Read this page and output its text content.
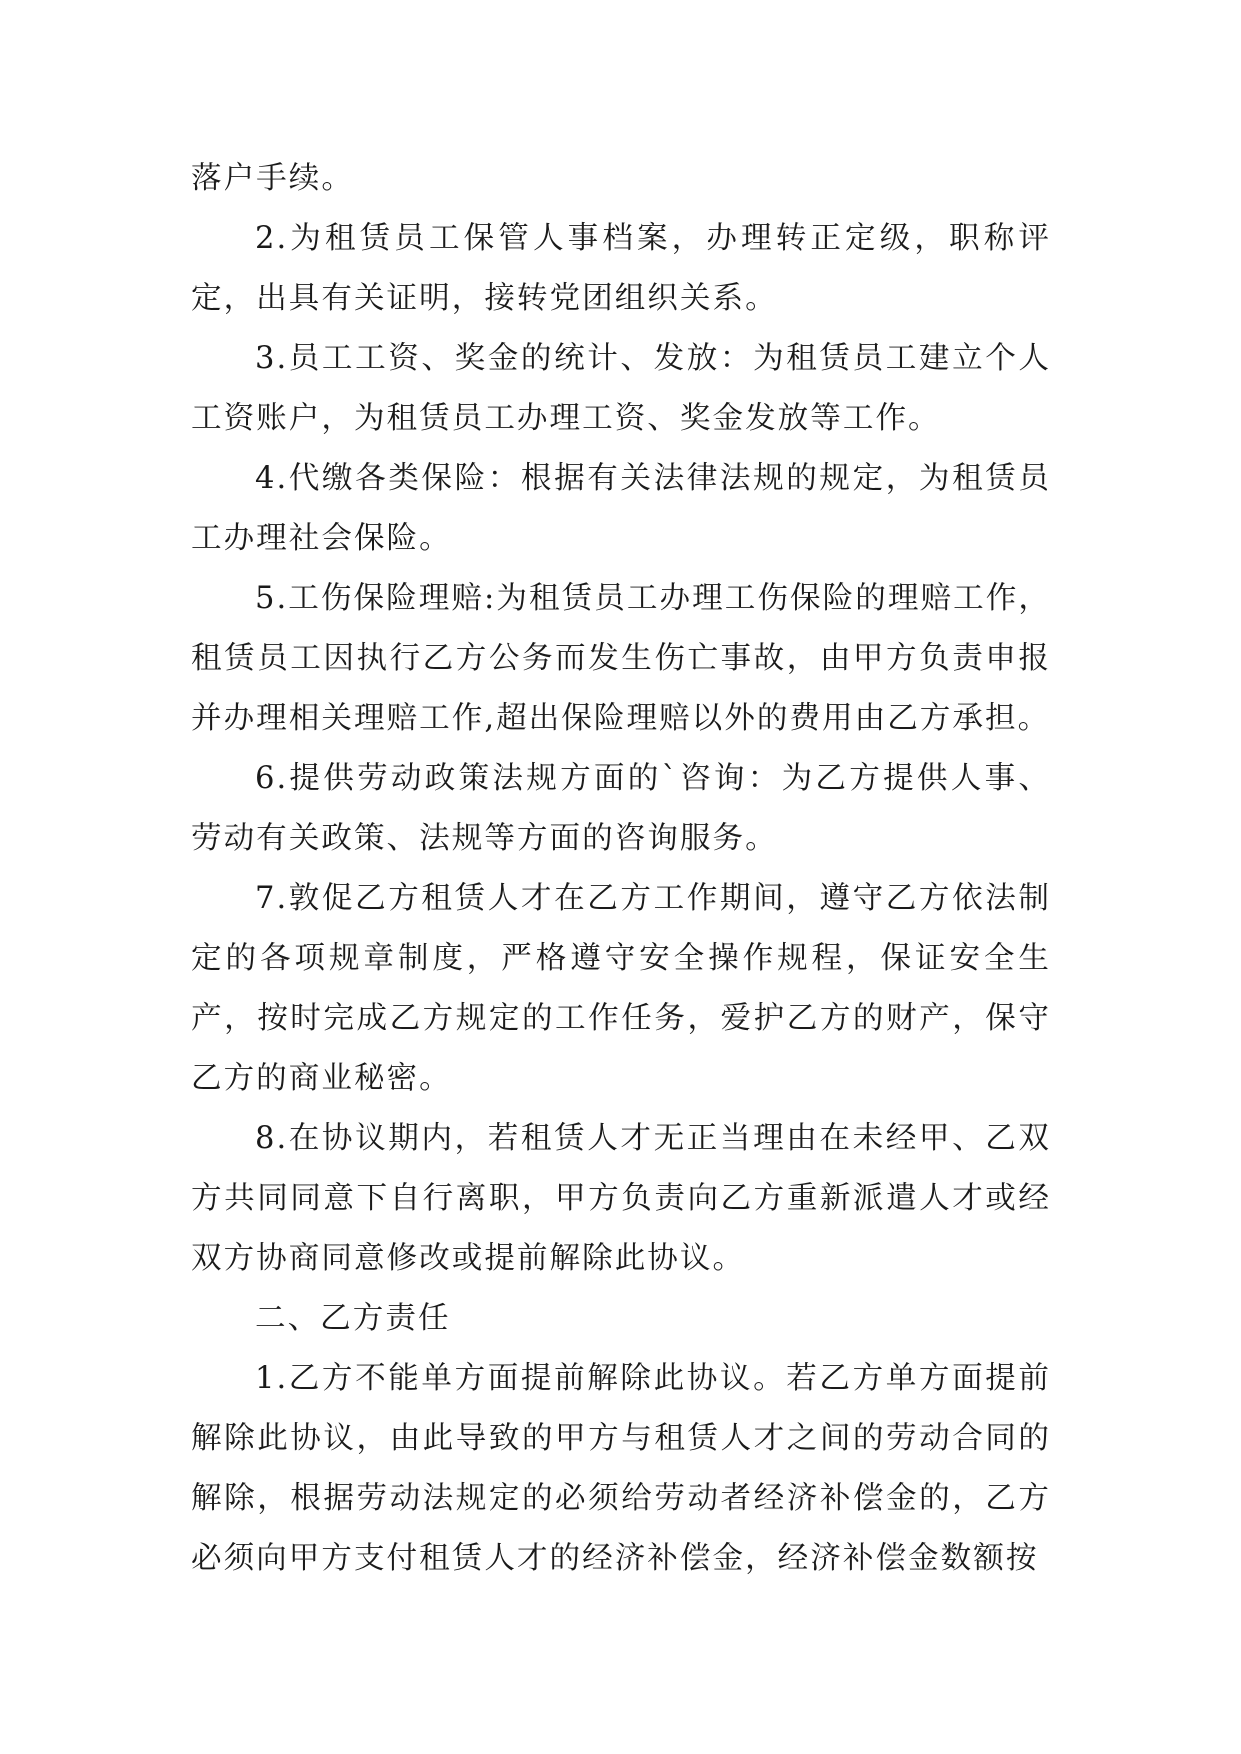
落户手续。

2.为租赁员工保管人事档案，办理转正定级，职称评定，出具有关证明，接转党团组织关系。

3.员工工资、奖金的统计、发放：为租赁员工建立个人工资账户，为租赁员工办理工资、奖金发放等工作。

4.代缴各类保险：根据有关法律法规的规定，为租赁员工办理社会保险。

5.工伤保险理赔:为租赁员工办理工伤保险的理赔工作，租赁员工因执行乙方公务而发生伤亡事故，由甲方负责申报并办理相关理赔工作,超出保险理赔以外的费用由乙方承担。

6.提供劳动政策法规方面的`咨询：为乙方提供人事、劳动有关政策、法规等方面的咨询服务。

7.敦促乙方租赁人才在乙方工作期间，遵守乙方依法制定的各项规章制度，严格遵守安全操作规程，保证安全生产，按时完成乙方规定的工作任务，爱护乙方的财产，保守乙方的商业秘密。

8.在协议期内，若租赁人才无正当理由在未经甲、乙双方共同同意下自行离职，甲方负责向乙方重新派遣人才或经双方协商同意修改或提前解除此协议。

二、乙方责任

1.乙方不能单方面提前解除此协议。若乙方单方面提前解除此协议，由此导致的甲方与租赁人才之间的劳动合同的解除，根据劳动法规定的必须给劳动者经济补偿金的，乙方必须向甲方支付租赁人才的经济补偿金，经济补偿金数额按
